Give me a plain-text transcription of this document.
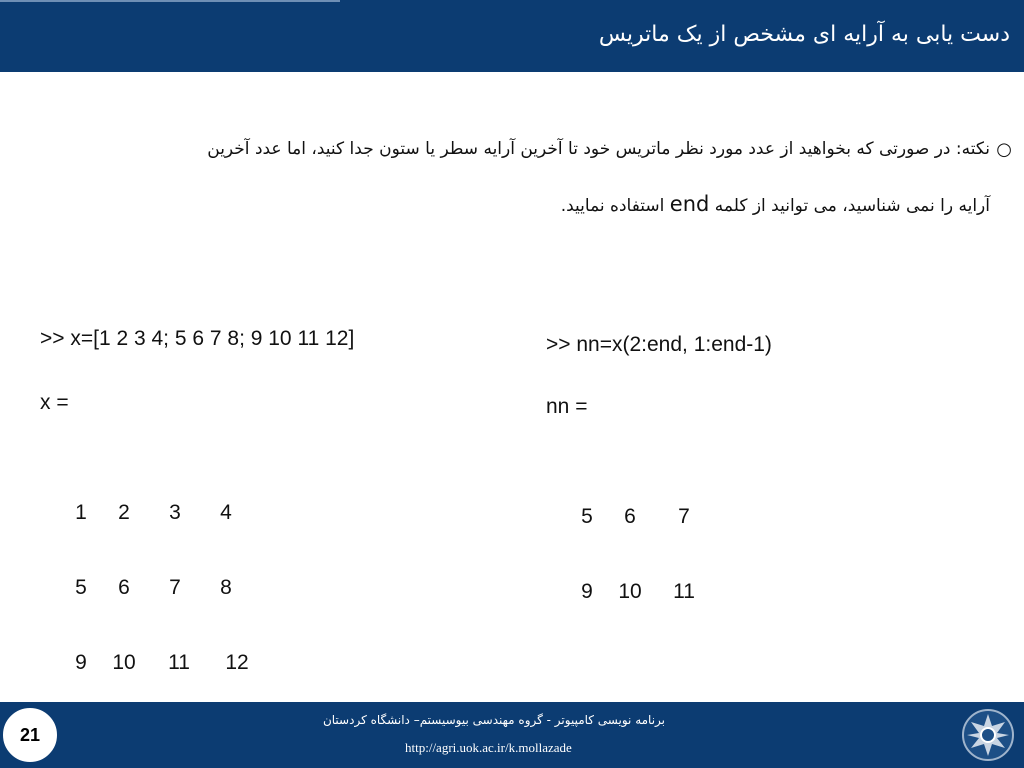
دست یابی به آرایه ای مشخص از یک ماتریس
○
نکته: در صورتی که بخواهید از عدد مورد نظر ماتریس خود تا آخرین آرایه سطر یا ستون جدا کنید، اما عدد آخرین
آرایه را نمی شناسید، می توانید از کلمه end استفاده نمایید.
>> x=[1 2 3 4; 5 6 7 8; 9 10 11 12]
x =

1	2	3	4

5	6	7	8

9	10	11	12

>> nn=x(2:end, 1:end-1)
nn =

5	6	7

9	10	11

21
برنامه نویسی کامپیوتر - گروه مهندسی بیوسیستم– دانشگاه کردستان
http://agri.uok.ac.ir/k.mollazade
